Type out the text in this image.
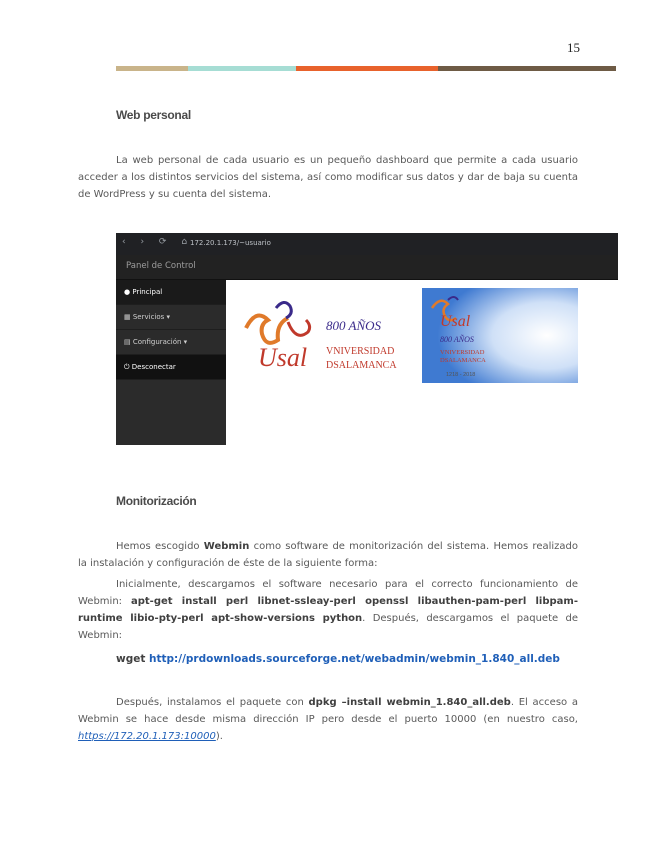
15
Web personal
La web personal de cada usuario es un pequeño dashboard que permite a cada usuario acceder a los distintos servicios del sistema, así como modificar sus datos y dar de baja su cuenta de WordPress y su cuenta del sistema.
‹ › ⟳ ⌂
172.20.1.173/~usuario
Panel de Control
● Principal
▦ Servicios ▾
▤ Configuración ▾
⏻ Desconectar	Usal
800 AÑOS
VNIVERSIDAD
DSALAMANCA
Usal
800 AÑOS
VNIVERSIDAD
DSALAMANCA
1218 - 2018
Monitorización
Hemos escogido Webmin como software de monitorización del sistema. Hemos realizado la instalación y configuración de éste de la siguiente forma:
Inicialmente, descargamos el software necesario para el correcto funcionamiento de Webmin: apt-get install perl libnet-ssleay-perl openssl libauthen-pam-perl libpam-runtime libio-pty-perl apt-show-versions python. Después, descargamos el paquete de Webmin:
wget http://prdownloads.sourceforge.net/webadmin/webmin_1.840_all.deb
Después, instalamos el paquete con dpkg –install webmin_1.840_all.deb. El acceso a Webmin se hace desde misma dirección IP pero desde el puerto 10000 (en nuestro caso, https://172.20.1.173:10000).
